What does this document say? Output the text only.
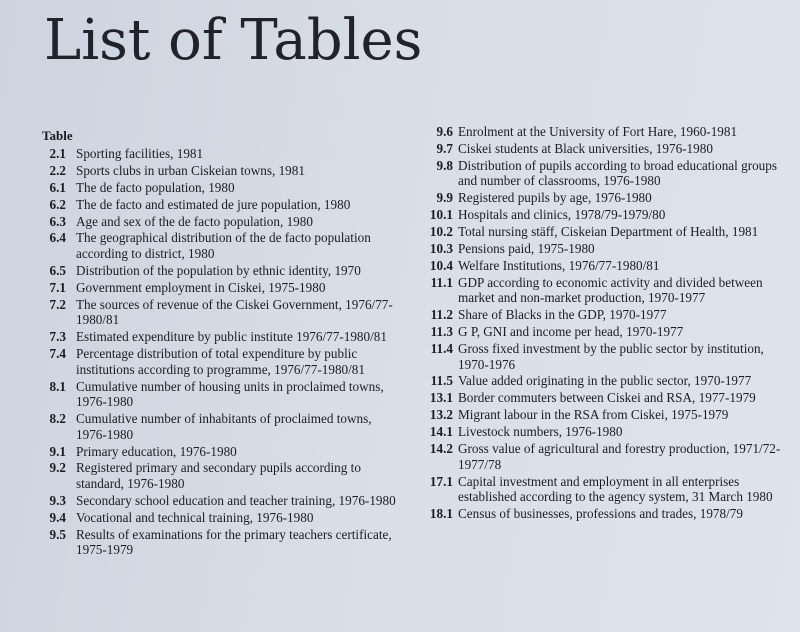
List of Tables
Table
2.1 Sporting facilities, 1981
2.2 Sports clubs in urban Ciskeian towns, 1981
6.1 The de facto population, 1980
6.2 The de facto and estimated de jure population, 1980
6.3 Age and sex of the de facto population, 1980
6.4 The geographical distribution of the de facto population according to district, 1980
6.5 Distribution of the population by ethnic identity, 1970
7.1 Government employment in Ciskei, 1975-1980
7.2 The sources of revenue of the Ciskei Government, 1976/77-1980/81
7.3 Estimated expenditure by public institute 1976/77-1980/81
7.4 Percentage distribution of total expenditure by public institutions according to programme, 1976/77-1980/81
8.1 Cumulative number of housing units in proclaimed towns, 1976-1980
8.2 Cumulative number of inhabitants of proclaimed towns, 1976-1980
9.1 Primary education, 1976-1980
9.2 Registered primary and secondary pupils according to standard, 1976-1980
9.3 Secondary school education and teacher training, 1976-1980
9.4 Vocational and technical training, 1976-1980
9.5 Results of examinations for the primary teachers certificate, 1975-1979
9.6 Enrolment at the University of Fort Hare, 1960-1981
9.7 Ciskei students at Black universities, 1976-1980
9.8 Distribution of pupils according to broad educational groups and number of classrooms, 1976-1980
9.9 Registered pupils by age, 1976-1980
10.1 Hospitals and clinics, 1978/79-1979/80
10.2 Total nursing stäff, Ciskeian Department of Health, 1981
10.3 Pensions paid, 1975-1980
10.4 Welfare Institutions, 1976/77-1980/81
11.1 GDP according to economic activity and divided between market and non-market production, 1970-1977
11.2 Share of Blacks in the GDP, 1970-1977
11.3 G P, GNI and income per head, 1970-1977
11.4 Gross fixed investment by the public sector by institution, 1970-1976
11.5 Value added originating in the public sector, 1970-1977
13.1 Border commuters between Ciskei and RSA, 1977-1979
13.2 Migrant labour in the RSA from Ciskei, 1975-1979
14.1 Livestock numbers, 1976-1980
14.2 Gross value of agricultural and forestry production, 1971/72-1977/78
17.1 Capital investment and employment in all enterprises established according to the agency system, 31 March 1980
18.1 Census of businesses, professions and trades, 1978/79
